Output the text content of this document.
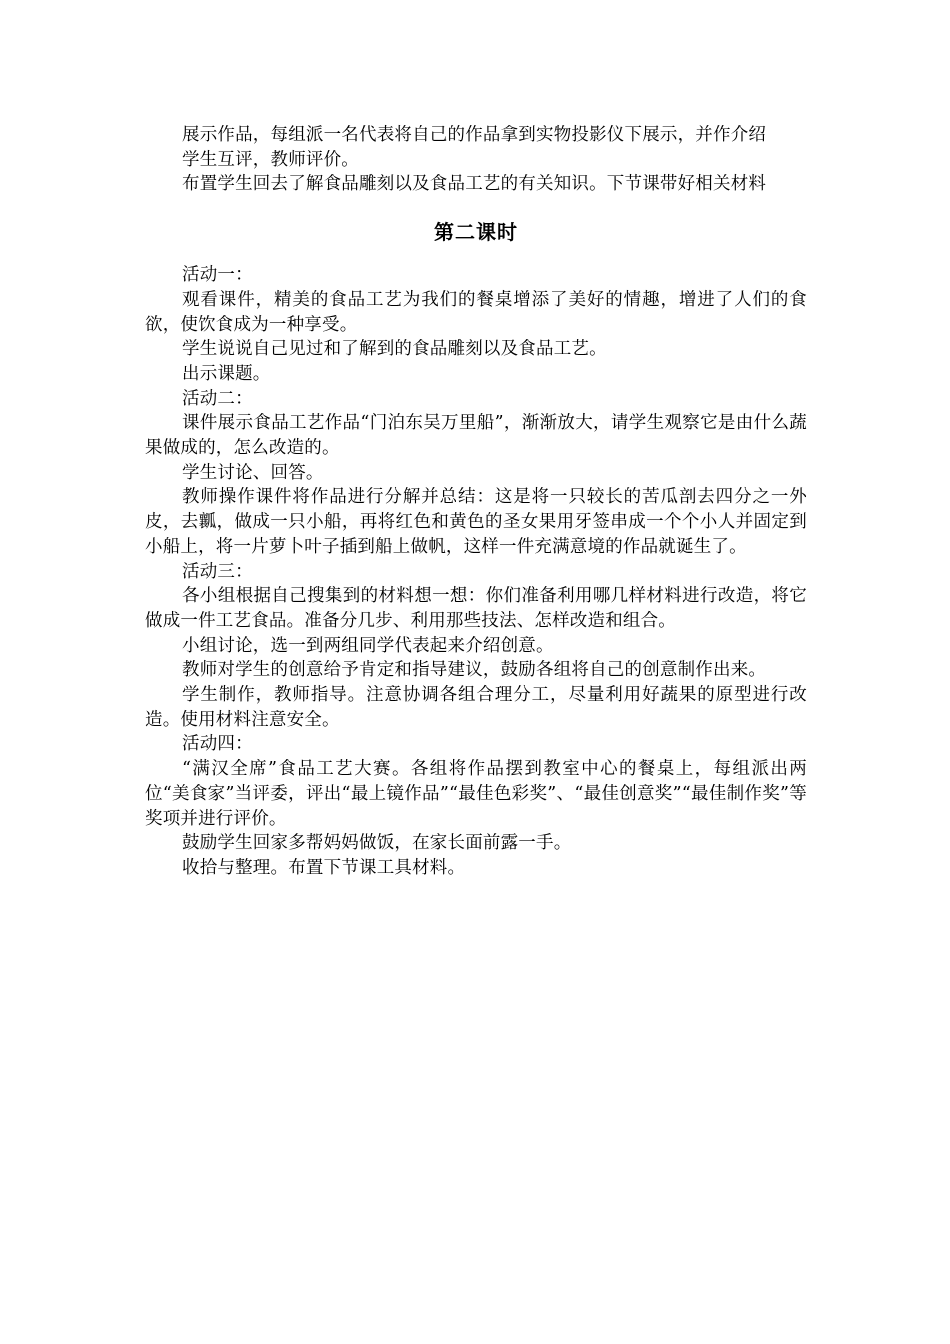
展示作品，每组派一名代表将自己的作品拿到实物投影仪下展示，并作介绍

学生互评，教师评价。

布置学生回去了解食品雕刻以及食品工艺的有关知识。下节课带好相关材料

第二课时

活动一：

观看课件，精美的食品工艺为我们的餐桌增添了美好的情趣，增进了人们的食欲，使饮食成为一种享受。

学生说说自己见过和了解到的食品雕刻以及食品工艺。

出示课题。

活动二：

课件展示食品工艺作品“门泊东吴万里船”，渐渐放大，请学生观察它是由什么蔬果做成的，怎么改造的。

学生讨论、回答。

教师操作课件将作品进行分解并总结：这是将一只较长的苦瓜剖去四分之一外皮，去瓤，做成一只小船，再将红色和黄色的圣女果用牙签串成一个个小人并固定到小船上，将一片萝卜叶子插到船上做帆，这样一件充满意境的作品就诞生了。

活动三：

各小组根据自己搜集到的材料想一想：你们准备利用哪几样材料进行改造，将它做成一件工艺食品。准备分几步、利用那些技法、怎样改造和组合。

小组讨论，选一到两组同学代表起来介绍创意。

教师对学生的创意给予肯定和指导建议，鼓励各组将自己的创意制作出来。

学生制作，教师指导。注意协调各组合理分工，尽量利用好蔬果的原型进行改造。使用材料注意安全。

活动四：

“满汉全席”食品工艺大赛。各组将作品摆到教室中心的餐桌上，每组派出两位“美食家”当评委，评出“最上镜作品”“最佳色彩奖”、“最佳创意奖”“最佳制作奖”等奖项并进行评价。

鼓励学生回家多帮妈妈做饭，在家长面前露一手。

收拾与整理。布置下节课工具材料。
